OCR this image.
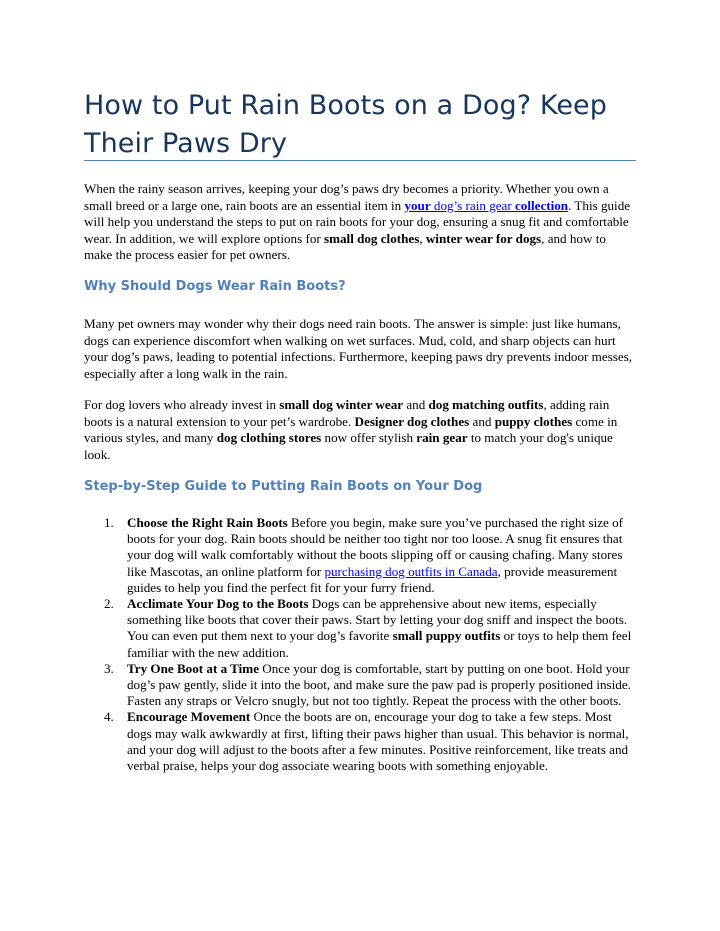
How to Put Rain Boots on a Dog? Keep Their Paws Dry

When the rainy season arrives, keeping your dog’s paws dry becomes a priority. Whether you own a small breed or a large one, rain boots are an essential item in your dog’s rain gear collection. This guide will help you understand the steps to put on rain boots for your dog, ensuring a snug fit and comfortable wear. In addition, we will explore options for small dog clothes, winter wear for dogs, and how to make the process easier for pet owners.

Why Should Dogs Wear Rain Boots?

Many pet owners may wonder why their dogs need rain boots. The answer is simple: just like humans, dogs can experience discomfort when walking on wet surfaces. Mud, cold, and sharp objects can hurt your dog’s paws, leading to potential infections. Furthermore, keeping paws dry prevents indoor messes, especially after a long walk in the rain.

For dog lovers who already invest in small dog winter wear and dog matching outfits, adding rain boots is a natural extension to your pet’s wardrobe. Designer dog clothes and puppy clothes come in various styles, and many dog clothing stores now offer stylish rain gear to match your dog's unique look.

Step-by-Step Guide to Putting Rain Boots on Your Dog
1. Choose the Right Rain Boots Before you begin, make sure you’ve purchased the right size of boots for your dog. Rain boots should be neither too tight nor too loose. A snug fit ensures that your dog will walk comfortably without the boots slipping off or causing chafing. Many stores like Mascotas, an online platform for purchasing dog outfits in Canada, provide measurement guides to help you find the perfect fit for your furry friend.
2. Acclimate Your Dog to the Boots Dogs can be apprehensive about new items, especially something like boots that cover their paws. Start by letting your dog sniff and inspect the boots. You can even put them next to your dog’s favorite small puppy outfits or toys to help them feel familiar with the new addition.
3. Try One Boot at a Time Once your dog is comfortable, start by putting on one boot. Hold your dog’s paw gently, slide it into the boot, and make sure the paw pad is properly positioned inside. Fasten any straps or Velcro snugly, but not too tightly. Repeat the process with the other boots.
4. Encourage Movement Once the boots are on, encourage your dog to take a few steps. Most dogs may walk awkwardly at first, lifting their paws higher than usual. This behavior is normal, and your dog will adjust to the boots after a few minutes. Positive reinforcement, like treats and verbal praise, helps your dog associate wearing boots with something enjoyable.
